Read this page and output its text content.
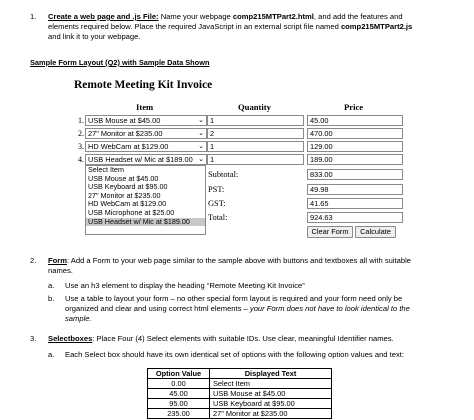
1. Create a web page and .js File: Name your webpage comp215MTPart2.html, and add the features and
elements required below. Place the required JavaScript in an external script file named comp215MTPart2.js
and link it to your webpage.
Sample Form Layout (Q2) with Sample Data Shown
Remote Meeting Kit Invoice
Item	Quantity	Price
1. USB Mouse at $45.00	⌄ 1	45.00
2. 27" Monitor at $235.00	⌄ 2	470.00
3. HD WebCam at $129.00	⌄ 1	129.00
4. USB Headset w/ Mic at $189.00 ⌄ 1	189.00
Select Item
USB Mouse at $45.00
USB Keyboard at $95.00
27" Monitor at $235.00
HD WebCam at $129.00
USB Microphone at $25.00
USB Headset w/ Mic at $189.00
Subtotal:	833.00
PST:	49.98
GST:	41.65
Total:	924.63
Clear Form	Calculate
2. Form: Add a Form to your web page similar to the sample above with buttons and textboxes all with suitable
names.
a. Use an h3 element to display the heading “Remote Meeting Kit Invoice”
b. Use a table to layout your form – no other special form layout is required and your form need only be
organized and clear and using correct html elements – your Form does not have to look identical to the
sample.
3. Selectboxes: Place Four (4) Select elements with suitable IDs. Use clear, meaningful Identifier names.
a. Each Select box should have its own identical set of options with the following option values and text:
Option Value	Displayed Text
0.00	Select Item
45.00	USB Mouse at $45.00
95.00	USB Keyboard at $95.00
235.00	27" Monitor at $235.00
